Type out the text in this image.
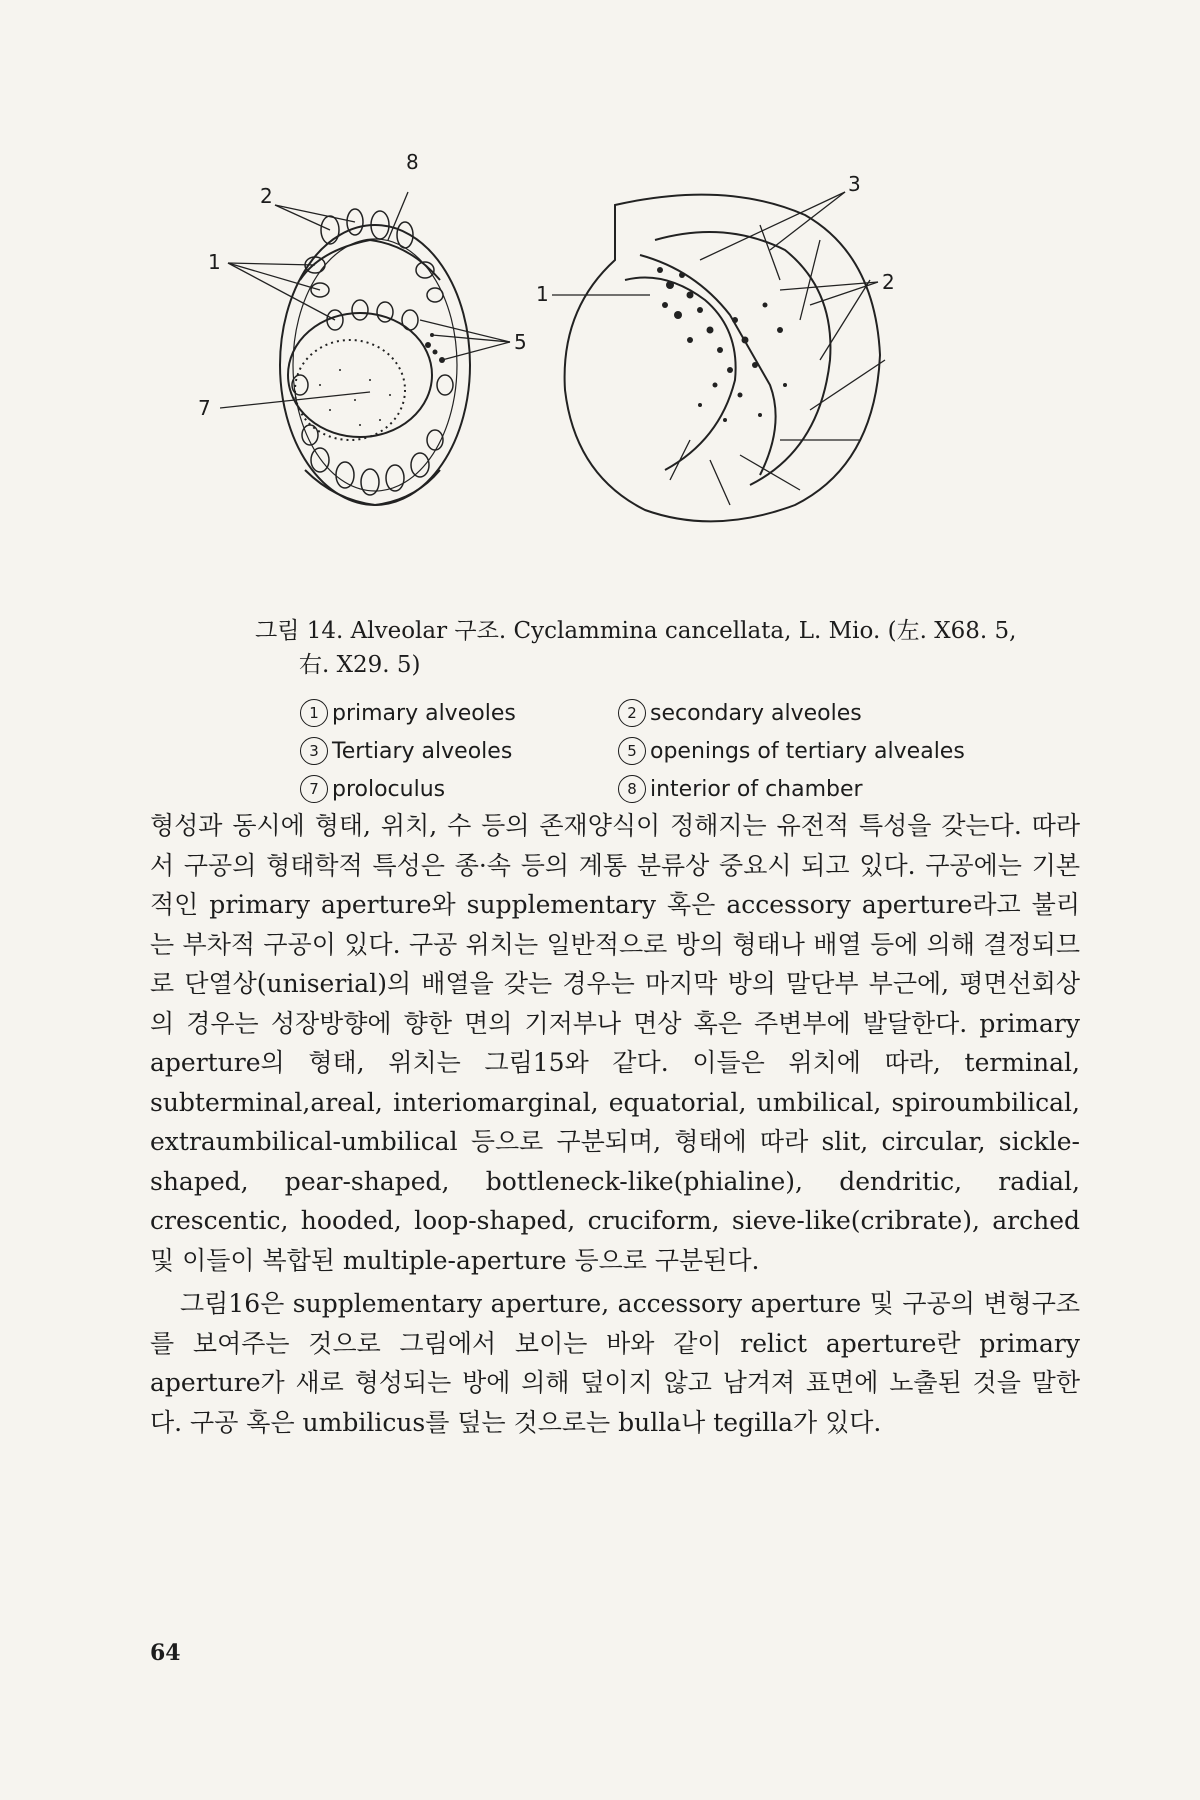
8
2
1
5
7
3
2
1
그림 14. Alveolar 구조. Cyclammina cancellata, L. Mio. (左. X68. 5,
右. X29. 5)
1 primary alveoles	2 secondary alveoles
3 Tertiary alveoles	5 openings of tertiary alveales
7 proloculus	8 interior of chamber

형성과 동시에 형태, 위치, 수 등의 존재양식이 정해지는 유전적 특성을 갖는다. 따라서 구공의 형태학적 특성은 종·속 등의 계통 분류상 중요시 되고 있다. 구공에는 기본적인 primary aperture와 supplementary 혹은 accessory aperture라고 불리는 부차적 구공이 있다. 구공 위치는 일반적으로 방의 형태나 배열 등에 의해 결정되므로 단열상(uniserial)의 배열을 갖는 경우는 마지막 방의 말단부 부근에, 평면선회상의 경우는 성장방향에 향한 면의 기저부나 면상 혹은 주변부에 발달한다. primary aperture의 형태, 위치는 그림15와 같다. 이들은 위치에 따라, terminal, subterminal,areal, interiomarginal, equatorial, umbilical, spiroumbilical, extraumbilical-umbilical 등으로 구분되며, 형태에 따라 slit, circular, sickle-shaped, pear-shaped, bottleneck-like(phialine), dendritic, radial, crescentic, hooded, loop-shaped, cruciform, sieve-like(cribrate), arched 및 이들이 복합된 multiple-aperture 등으로 구분된다.

그림16은 supplementary aperture, accessory aperture 및 구공의 변형구조를 보여주는 것으로 그림에서 보이는 바와 같이 relict aperture란 primary aperture가 새로 형성되는 방에 의해 덮이지 않고 남겨져 표면에 노출된 것을 말한다. 구공 혹은 umbilicus를 덮는 것으로는 bulla나 tegilla가 있다.

64
